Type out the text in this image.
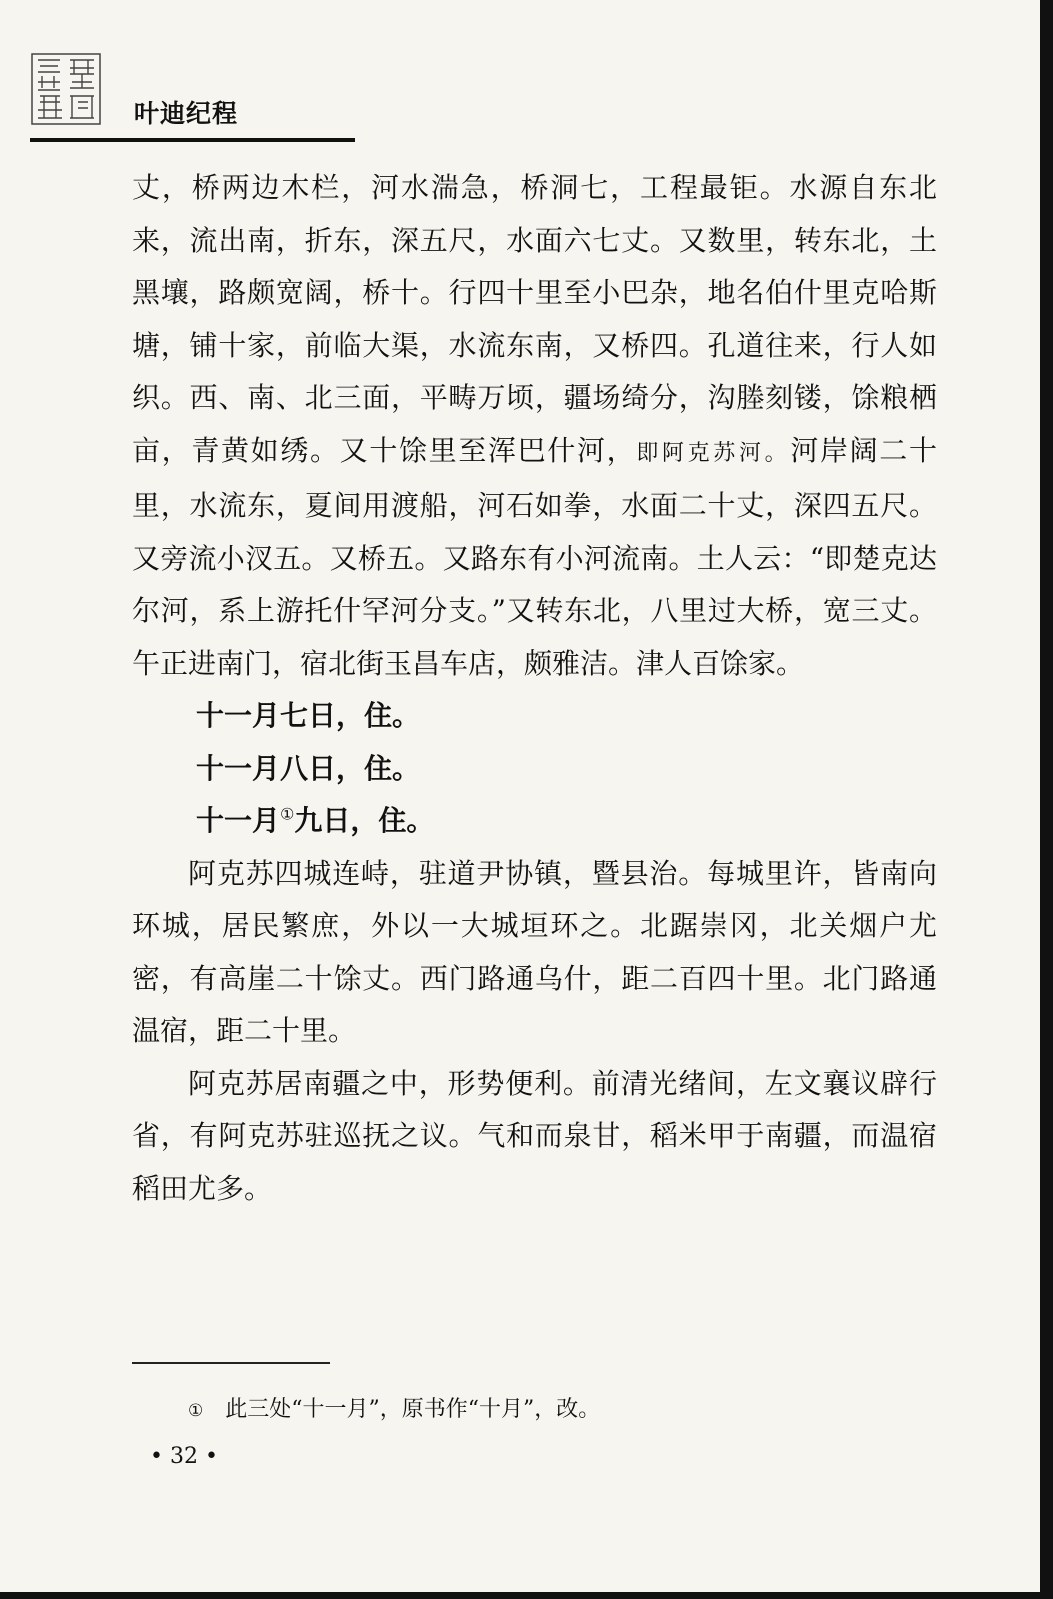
叶迪纪程

丈，桥两边木栏，河水湍急，桥洞七，工程最钜。水源自东北来，流出南，折东，深五尺，水面六七丈。又数里，转东北，土黑壤，路颇宽阔，桥十。行四十里至小巴杂，地名伯什里克哈斯塘，铺十家，前临大渠，水流东南，又桥四。孔道往来，行人如织。西、南、北三面，平畴万顷，疆场绮分，沟塍刻镂，馀粮栖亩，青黄如绣。又十馀里至浑巴什河，即阿克苏河。河岸阔二十里，水流东，夏间用渡船，河石如拳，水面二十丈，深四五尺。又旁流小汊五。又桥五。又路东有小河流南。土人云：“即楚克达尔河，系上游托什罕河分支。”又转东北，八里过大桥，宽三丈。午正进南门，宿北街玉昌车店，颇雅洁。津人百馀家。

十一月七日，住。

十一月八日，住。

十一月①九日，住。

阿克苏四城连峙，驻道尹协镇，暨县治。每城里许，皆南向环城，居民繁庶，外以一大城垣环之。北踞崇冈，北关烟户尤密，有高崖二十馀丈。西门路通乌什，距二百四十里。北门路通温宿，距二十里。

阿克苏居南疆之中，形势便利。前清光绪间，左文襄议辟行省，有阿克苏驻巡抚之议。气和而泉甘，稻米甲于南疆，而温宿稻田尤多。

① 此三处“十一月”，原书作“十月”，改。
• 32 •
